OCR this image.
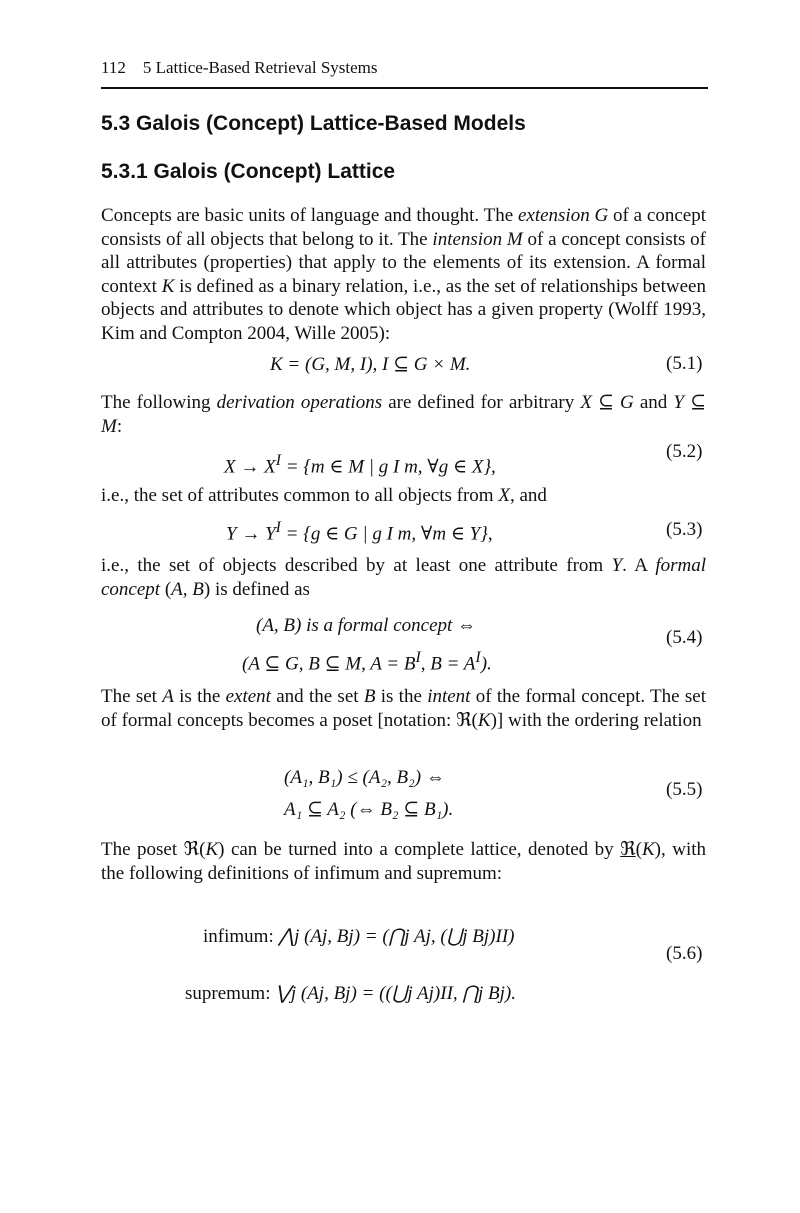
112 5 Lattice-Based Retrieval Systems
5.3 Galois (Concept) Lattice-Based Models
5.3.1 Galois (Concept) Lattice
Concepts are basic units of language and thought. The extension G of a concept consists of all objects that belong to it. The intension M of a concept consists of all attributes (properties) that apply to the elements of its extension. A formal context K is defined as a binary relation, i.e., as the set of relationships between objects and attributes to denote which object has a given property (Wolff 1993, Kim and Compton 2004, Wille 2005):
K = (G, M, I), I ⊆ G × M.	(5.1)
The following derivation operations are defined for arbitrary X ⊆ G and Y ⊆ M:
$X \to X^I = \{m$ ∈ M | g I m, ∀g ∈ X},
(5.2)
i.e., the set of attributes common to all objects from X, and
$Y \to Y^I = \{g$ ∈ G | g I m, ∀m ∈ Y},	(5.3)
i.e., the set of objects described by at least one attribute from Y. A formal concept (A, B) is defined as
(A, B) is a formal concept ⇔
(A ⊆ G, B ⊆ M, $A = B^I$, $B = A^I$).
(5.4)
The set A is the extent and the set B is the intent of the formal concept. The set of formal concepts becomes a poset [notation: ℜ(K)] with the ordering relation
(A₁, B₁) ≤ (A₂, B₂) ⇔
A₁ ⊆ A₂ (⇔ B₂ ⊆ B₁).
(5.5)
The poset ℜ(K) can be turned into a complete lattice, denoted by ℜ(K), with the following definitions of infimum and supremum:
infimum: ⋀j (Aj, Bj) = (⋂j Aj, (⋃j Bj)II)
supremum: ⋁j (Aj, Bj) = ((⋃j Aj)II, ⋂j Bj).
(5.6)
